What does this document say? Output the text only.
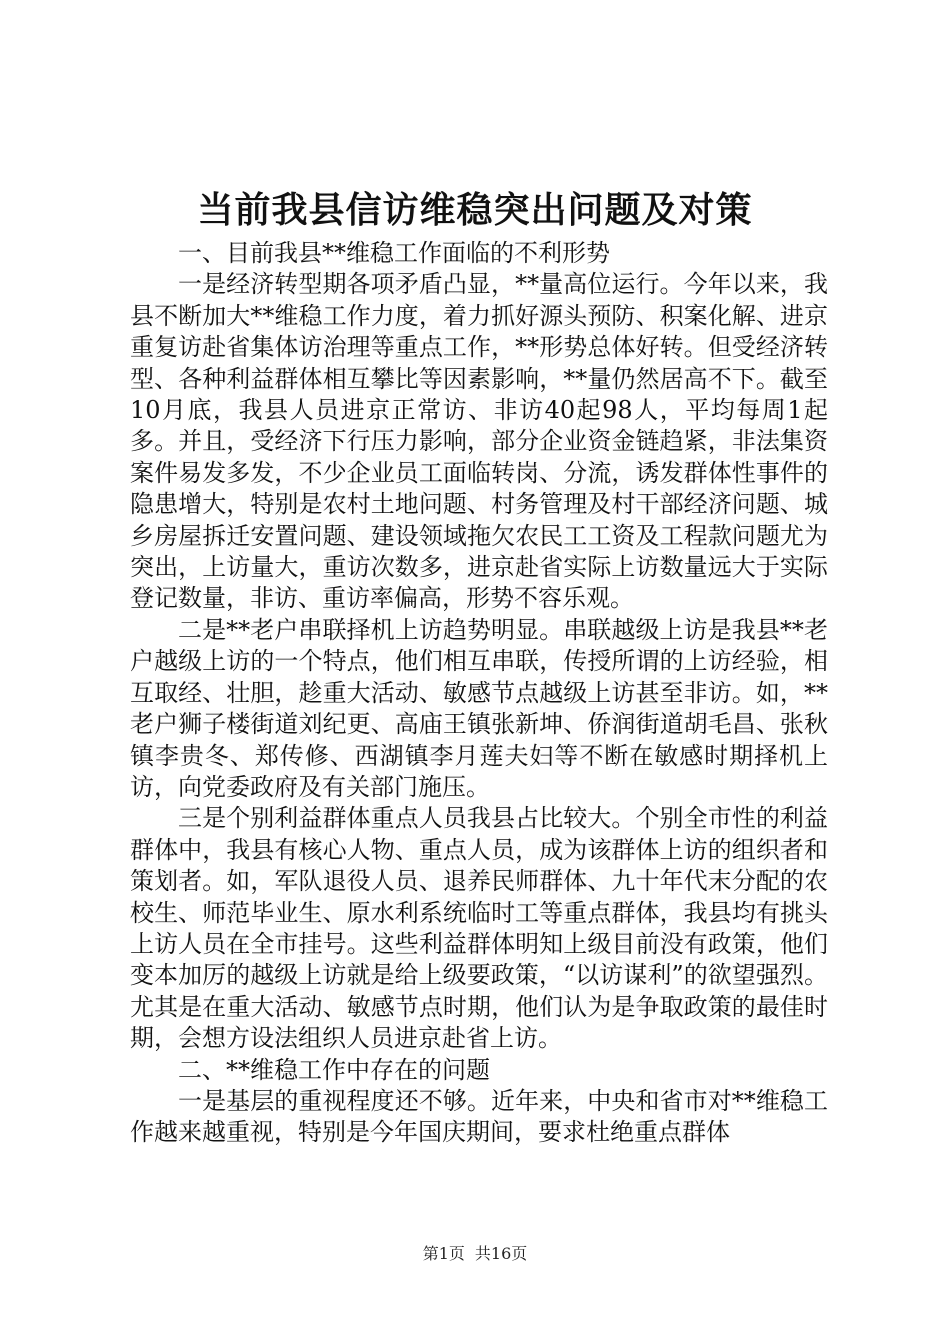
当前我县信访维稳突出问题及对策

一、目前我县**维稳工作面临的不利形势

一是经济转型期各项矛盾凸显，**量高位运行。今年以来，我县不断加大**维稳工作力度，着力抓好源头预防、积案化解、进京重复访赴省集体访治理等重点工作，**形势总体好转。但受经济转型、各种利益群体相互攀比等因素影响，**量仍然居高不下。截至10月底，我县人员进京正常访、非访40起98人，平均每周1起多。并且，受经济下行压力影响，部分企业资金链趋紧，非法集资案件易发多发，不少企业员工面临转岗、分流，诱发群体性事件的隐患增大，特别是农村土地问题、村务管理及村干部经济问题、城乡房屋拆迁安置问题、建设领域拖欠农民工工资及工程款问题尤为突出，上访量大，重访次数多，进京赴省实际上访数量远大于实际登记数量，非访、重访率偏高，形势不容乐观。

二是**老户串联择机上访趋势明显。串联越级上访是我县**老户越级上访的一个特点，他们相互串联，传授所谓的上访经验，相互取经、壮胆，趁重大活动、敏感节点越级上访甚至非访。如，**老户狮子楼街道刘纪更、高庙王镇张新坤、侨润街道胡毛昌、张秋镇李贵冬、郑传修、西湖镇李月莲夫妇等不断在敏感时期择机上访，向党委政府及有关部门施压。

三是个别利益群体重点人员我县占比较大。个别全市性的利益群体中，我县有核心人物、重点人员，成为该群体上访的组织者和策划者。如，军队退役人员、退养民师群体、九十年代末分配的农校生、师范毕业生、原水利系统临时工等重点群体，我县均有挑头上访人员在全市挂号。这些利益群体明知上级目前没有政策，他们变本加厉的越级上访就是给上级要政策，“以访谋利”的欲望强烈。尤其是在重大活动、敏感节点时期，他们认为是争取政策的最佳时期，会想方设法组织人员进京赴省上访。

二、**维稳工作中存在的问题

一是基层的重视程度还不够。近年来，中央和省市对**维稳工作越来越重视，特别是今年国庆期间，要求杜绝重点群体

第1页 共16页
